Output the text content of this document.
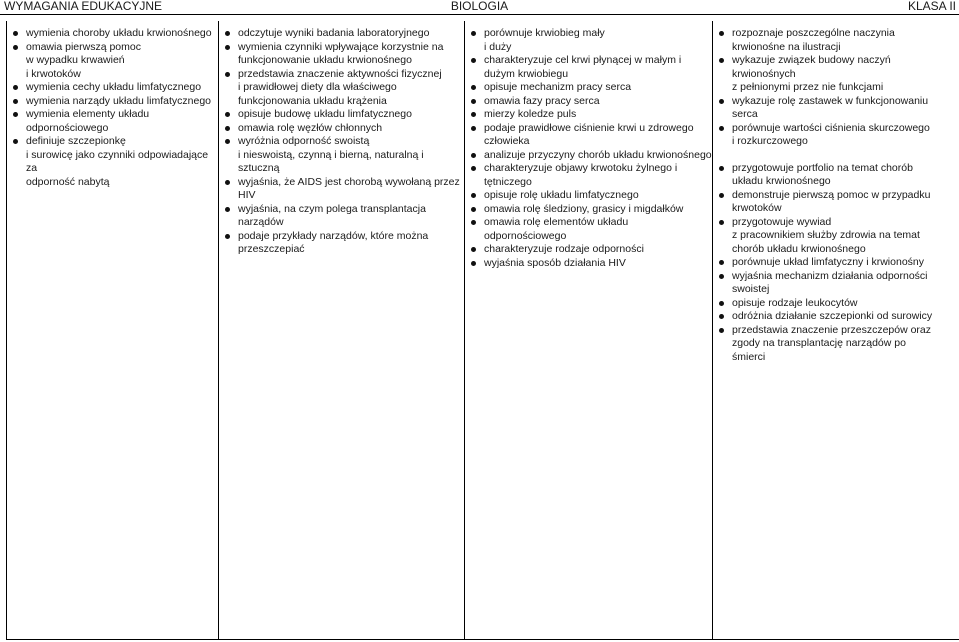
BIOLOGIA
WYMAGANIA EDUKACYJNE	KLASA II
wymienia choroby układu krwionośnego
omawia pierwszą pomoc
w wypadku krwawień
i krwotoków
wymienia cechy układu limfatycznego
wymienia narządy układu limfatycznego
wymienia elementy układu
odpornościowego
definiuje szczepionkę
i surowicę jako czynniki odpowiadające za
odporność nabytą
odczytuje wyniki badania laboratoryjnego
wymienia czynniki wpływające korzystnie na
funkcjonowanie układu krwionośnego
przedstawia znaczenie aktywności fizycznej
i prawidłowej diety dla właściwego
funkcjonowania układu krążenia
opisuje budowę układu limfatycznego
omawia rolę węzłów chłonnych
wyróżnia odporność swoistą
i nieswoistą, czynną i bierną, naturalną i sztuczną
wyjaśnia, że AIDS jest chorobą wywołaną przez
HIV
wyjaśnia, na czym polega transplantacja
narządów
podaje przykłady narządów, które można
przeszczepiać
porównuje krwiobieg mały
i duży
charakteryzuje cel krwi płynącej w małym i
dużym krwiobiegu
opisuje mechanizm pracy serca
omawia fazy pracy serca
mierzy koledze puls
podaje prawidłowe ciśnienie krwi u zdrowego
człowieka
analizuje przyczyny chorób układu krwionośnego
charakteryzuje objawy krwotoku żylnego i
tętniczego
opisuje rolę układu limfatycznego
omawia rolę śledziony, grasicy i migdałków
omawia rolę elementów układu
odpornościowego
charakteryzuje rodzaje odporności
wyjaśnia sposób działania HIV
rozpoznaje poszczególne naczynia
krwionośne na ilustracji
wykazuje związek budowy naczyń
krwionośnych
z pełnionymi przez nie funkcjami
wykazuje rolę zastawek w funkcjonowaniu
serca
porównuje wartości ciśnienia skurczowego
i rozkurczowego
przygotowuje portfolio na temat chorób
układu krwionośnego
demonstruje pierwszą pomoc w przypadku
krwotoków
przygotowuje wywiad
z pracownikiem służby zdrowia na temat
chorób układu krwionośnego
porównuje układ limfatyczny i krwionośny
wyjaśnia mechanizm działania odporności
swoistej
opisuje rodzaje leukocytów
odróżnia działanie szczepionki od surowicy
przedstawia znaczenie przeszczepów oraz
zgody na transplantację narządów po
śmierci
